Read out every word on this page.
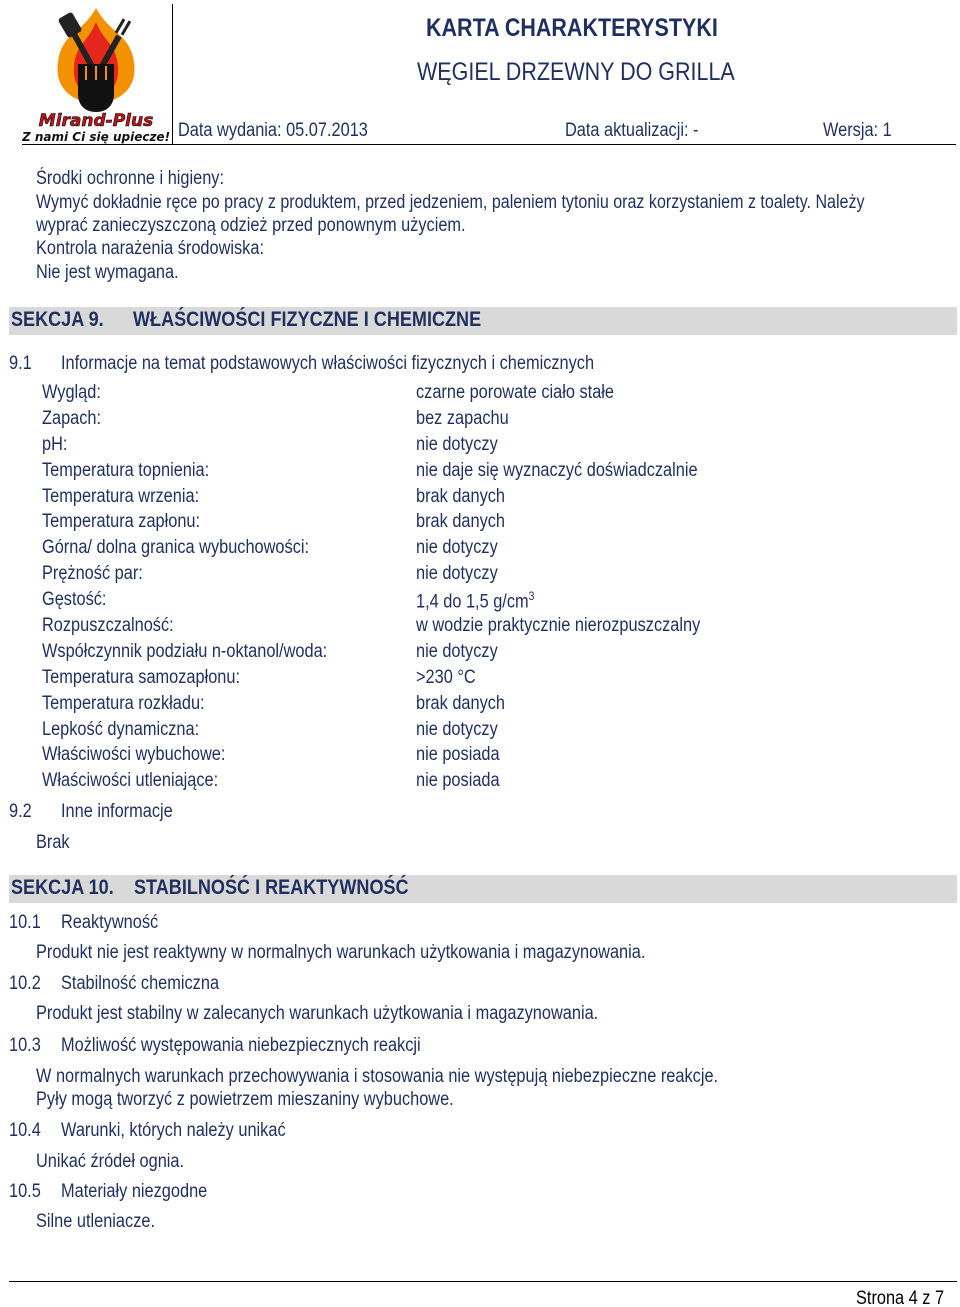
Mirand-Plus
Z nami Ci się upiecze!
KARTA CHARAKTERYSTYKI
WĘGIEL DRZEWNY DO GRILLA
Data wydania: 05.07.2013	Data aktualizacji: -	Wersja: 1
Środki ochronne i higieny:
Wymyć dokładnie ręce po pracy z produktem, przed jedzeniem, paleniem tytoniu oraz korzystaniem z toalety. Należy
wyprać zanieczyszczoną odzież przed ponownym użyciem.
Kontrola narażenia środowiska:
Nie jest wymagana.
SEKCJA 9.	WŁAŚCIWOŚCI FIZYCZNE I CHEMICZNE
9.1 Informacje na temat podstawowych właściwości fizycznych i chemicznych
Wygląd:	czarne porowate ciało stałe
Zapach:	bez zapachu
pH:	nie dotyczy
Temperatura topnienia:	nie daje się wyznaczyć doświadczalnie
Temperatura wrzenia:	brak danych
Temperatura zapłonu:	brak danych
Górna/ dolna granica wybuchowości:	nie dotyczy
Prężność par:	nie dotyczy
Gęstość:	1,4 do 1,5 $g/cm^3$
Rozpuszczalność:	w wodzie praktycznie nierozpuszczalny
Współczynnik podziału n-oktanol/woda:	nie dotyczy
Temperatura samozapłonu:	>230 °C
Temperatura rozkładu:	brak danych
Lepkość dynamiczna:	nie dotyczy
Właściwości wybuchowe:	nie posiada
Właściwości utleniające:	nie posiada
9.2 Inne informacje
Brak
SEKCJA 10. STABILNOŚĆ I REAKTYWNOŚĆ
10.1 Reaktywność
Produkt nie jest reaktywny w normalnych warunkach użytkowania i magazynowania.
10.2 Stabilność chemiczna
Produkt jest stabilny w zalecanych warunkach użytkowania i magazynowania.
10.3 Możliwość występowania niebezpiecznych reakcji
W normalnych warunkach przechowywania i stosowania nie występują niebezpieczne reakcje.
Pyły mogą tworzyć z powietrzem mieszaniny wybuchowe.
10.4 Warunki, których należy unikać
Unikać źródeł ognia.
10.5 Materiały niezgodne
Silne utleniacze.
Strona 4 z 7
